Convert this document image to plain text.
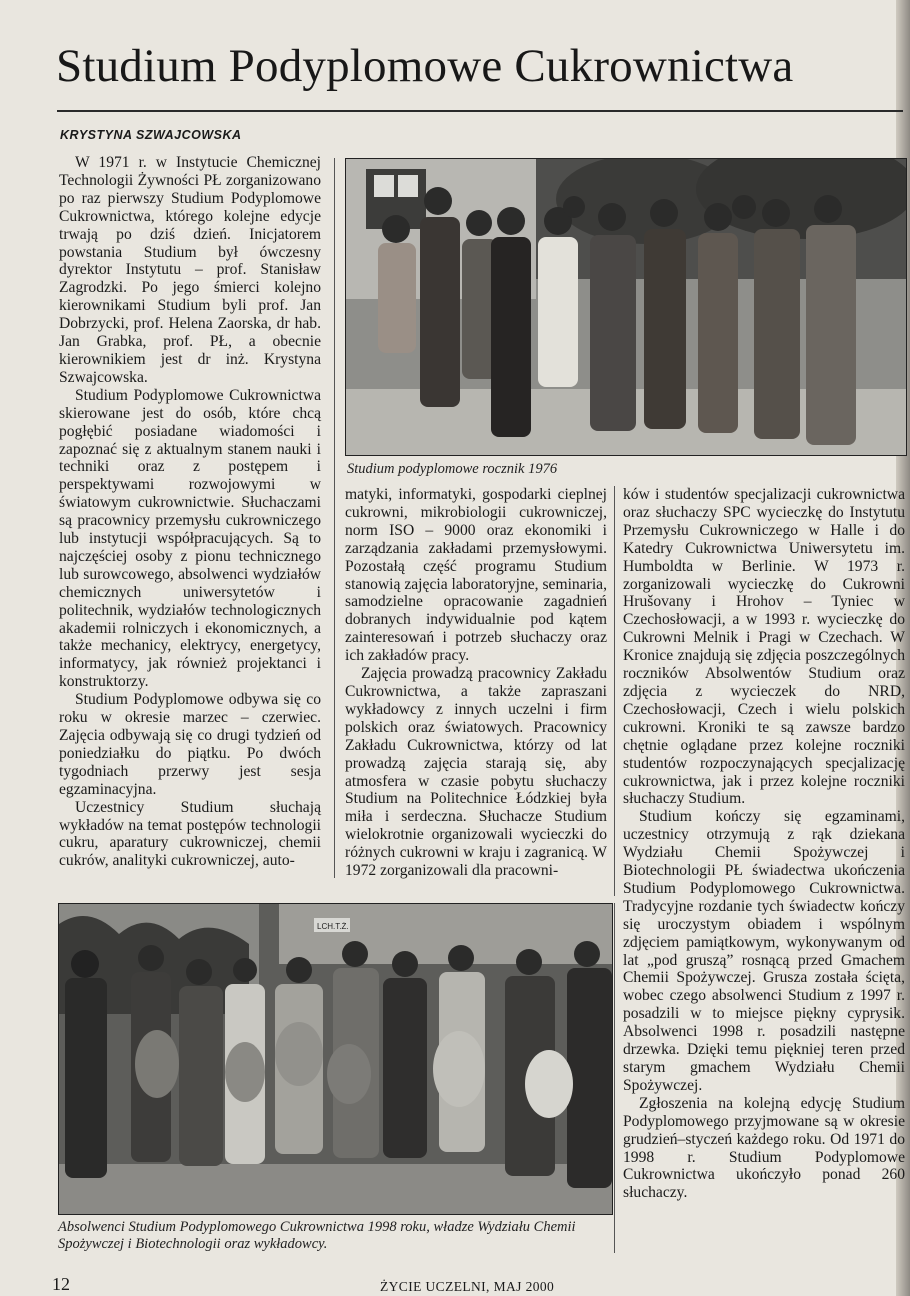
Studium Podyplomowe Cukrownictwa
KRYSTYNA SZWAJCOWSKA

W 1971 r. w Instytucie Chemicznej Technologii Żywności PŁ zorganizowano po raz pierwszy Studium Podyplomowe Cukrownictwa, którego kolejne edycje trwają po dziś dzień. Inicjatorem powstania Studium był ówczesny dyrektor Instytutu – prof. Stanisław Zagrodzki. Po jego śmierci kolejno kierownikami Studium byli prof. Jan Dobrzycki, prof. Helena Zaorska, dr hab. Jan Grabka, prof. PŁ, a obecnie kierownikiem jest dr inż. Krystyna Szwajcowska.

Studium Podyplomowe Cukrownictwa skierowane jest do osób, które chcą pogłębić posiadane wiadomości i zapoznać się z aktualnym stanem nauki i techniki oraz z postępem i perspektywami rozwojowymi w światowym cukrownictwie. Słuchaczami są pracownicy przemysłu cukrowniczego lub instytucji współpracujących. Są to najczęściej osoby z pionu technicznego lub surowcowego, absolwenci wydziałów chemicznych uniwersytetów i politechnik, wydziałów technologicznych akademii rolniczych i ekonomicznych, a także mechanicy, elektrycy, energetycy, informatycy, jak również projektanci i konstruktorzy.

Studium Podyplomowe odbywa się co roku w okresie marzec – czerwiec. Zajęcia odbywają się co drugi tydzień od poniedziałku do piątku. Po dwóch tygodniach przerwy jest sesja egzaminacyjna.

Uczestnicy Studium słuchają wykładów na temat postępów technologii cukru, aparatury cukrowniczej, chemii cukrów, analityki cukrowniczej, auto-

Studium podyplomowe rocznik 1976

matyki, informatyki, gospodarki cieplnej cukrowni, mikrobiologii cukrowniczej, norm ISO – 9000 oraz ekonomiki i zarządzania zakładami przemysłowymi. Pozostałą część programu Studium stanowią zajęcia laboratoryjne, seminaria, samodzielne opracowanie zagadnień dobranych indywidualnie pod kątem zainteresowań i potrzeb słuchaczy oraz ich zakładów pracy.

Zajęcia prowadzą pracownicy Zakładu Cukrownictwa, a także zapraszani wykładowcy z innych uczelni i firm polskich oraz światowych. Pracownicy Zakładu Cukrownictwa, którzy od lat prowadzą zajęcia starają się, aby atmosfera w czasie pobytu słuchaczy Studium na Politechnice Łódzkiej była miła i serdeczna. Słuchacze Studium wielokrotnie organizowali wycieczki do różnych cukrowni w kraju i zagranicą. W 1972 zorganizowali dla pracowni-

ków i studentów specjalizacji cukrownictwa oraz słuchaczy SPC wycieczkę do Instytutu Przemysłu Cukrowniczego w Halle i do Katedry Cukrownictwa Uniwersytetu im. Humboldta w Berlinie. W 1973 r. zorganizowali wycieczkę do Cukrowni Hrušovany i Hrohov – Tyniec w Czechosłowacji, a w 1993 r. wycieczkę do Cukrowni Melnik i Pragi w Czechach. W Kronice znajdują się zdjęcia poszczególnych roczników Absolwentów Studium oraz zdjęcia z wycieczek do NRD, Czechosłowacji, Czech i wielu polskich cukrowni. Kroniki te są zawsze bardzo chętnie oglądane przez kolejne roczniki studentów rozpoczynających specjalizację cukrownictwa, jak i przez kolejne roczniki słuchaczy Studium.

Studium kończy się egzaminami, uczestnicy otrzymują z rąk dziekana Wydziału Chemii Spożywczej i Biotechnologii PŁ świadectwa ukończenia Studium Podyplomowego Cukrownictwa. Tradycyjne rozdanie tych świadectw kończy się uroczystym obiadem i wspólnym zdjęciem pamiątkowym, wykonywanym od lat „pod gruszą” rosnącą przed Gmachem Chemii Spożywczej. Grusza została ścięta, wobec czego absolwenci Studium z 1997 r. posadzili w to miejsce piękny cyprysik. Absolwenci 1998 r. posadzili następne drzewka. Dzięki temu piękniej teren przed starym gmachem Wydziału Chemii Spożywczej.

Zgłoszenia na kolejną edycję Studium Podyplomowego przyjmowane są w okresie grudzień–styczeń każdego roku. Od 1971 do 1998 r. Studium Podyplomowe Cukrownictwa ukończyło ponad 260 słuchaczy.

LCH.T.Ż.
Absolwenci Studium Podyplomowego Cukrownictwa 1998 roku, władze Wydziału Chemii Spożywczej i Biotechnologii oraz wykładowcy.
12	ŻYCIE UCZELNI, MAJ 2000
